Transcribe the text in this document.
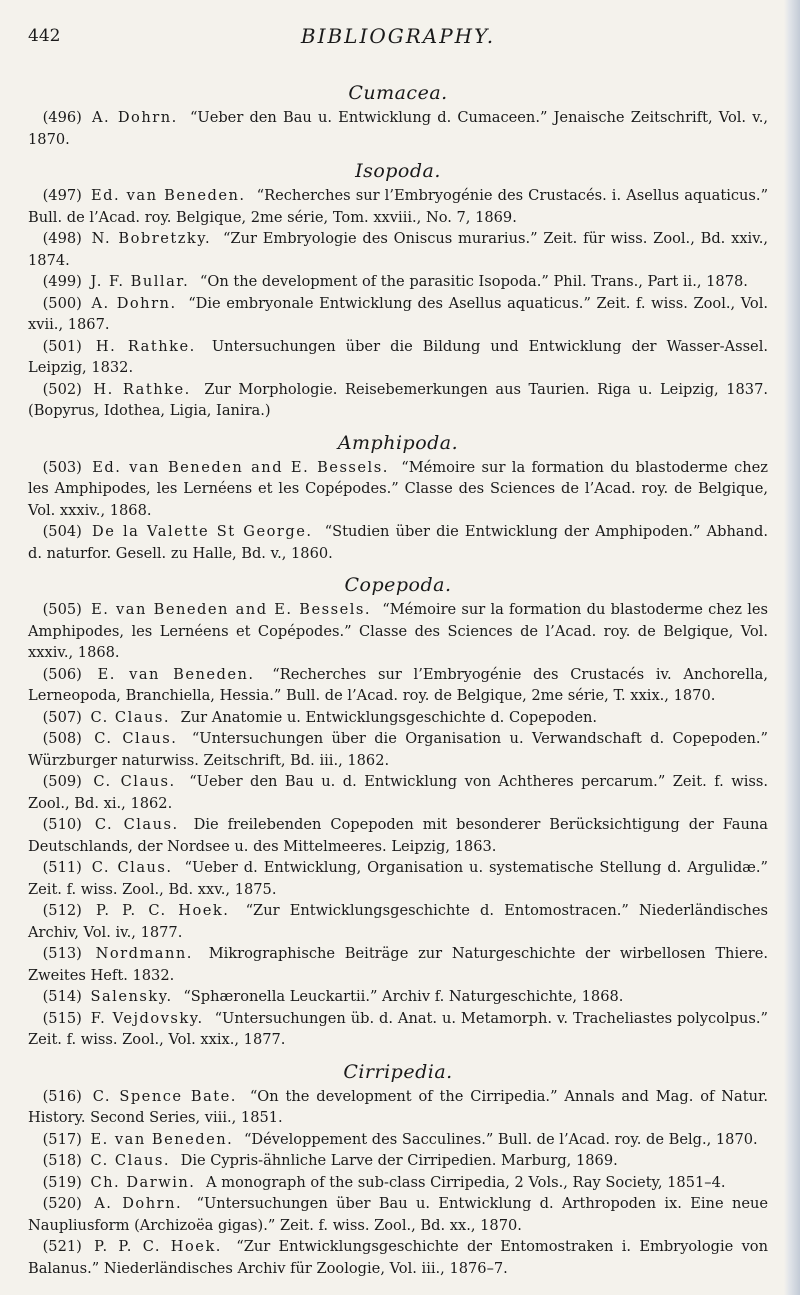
442	BIBLIOGRAPHY.
Cumacea.

(496) A. Dohrn. “Ueber den Bau u. Entwicklung d. Cumaceen.” Jenaische Zeitschrift, Vol. v., 1870.

Isopoda.

(497) Ed. van Beneden. “Recherches sur l’Embryogénie des Crustacés. i. Asellus aquaticus.” Bull. de l’Acad. roy. Belgique, 2me série, Tom. xxviii., No. 7, 1869.

(498) N. Bobretzky. “Zur Embryologie des Oniscus murarius.” Zeit. für wiss. Zool., Bd. xxiv., 1874.

(499) J. F. Bullar. “On the development of the parasitic Isopoda.” Phil. Trans., Part ii., 1878.

(500) A. Dohrn. “Die embryonale Entwicklung des Asellus aquaticus.” Zeit. f. wiss. Zool., Vol. xvii., 1867.

(501) H. Rathke. Untersuchungen über die Bildung und Entwicklung der Wasser-Assel. Leipzig, 1832.

(502) H. Rathke. Zur Morphologie. Reisebemerkungen aus Taurien. Riga u. Leipzig, 1837. (Bopyrus, Idothea, Ligia, Ianira.)

Amphipoda.

(503) Ed. van Beneden and E. Bessels. “Mémoire sur la formation du blastoderme chez les Amphipodes, les Lernéens et les Copépodes.” Classe des Sciences de l’Acad. roy. de Belgique, Vol. xxxiv., 1868.

(504) De la Valette St George. “Studien über die Entwicklung der Amphipoden.” Abhand. d. naturfor. Gesell. zu Halle, Bd. v., 1860.

Copepoda.

(505) E. van Beneden and E. Bessels. “Mémoire sur la formation du blastoderme chez les Amphipodes, les Lernéens et Copépodes.” Classe des Sciences de l’Acad. roy. de Belgique, Vol. xxxiv., 1868.

(506) E. van Beneden. “Recherches sur l’Embryogénie des Crustacés iv. Anchorella, Lerneopoda, Branchiella, Hessia.” Bull. de l’Acad. roy. de Belgique, 2me série, T. xxix., 1870.

(507) C. Claus. Zur Anatomie u. Entwicklungsgeschichte d. Copepoden.

(508) C. Claus. “Untersuchungen über die Organisation u. Verwandschaft d. Copepoden.” Würzburger naturwiss. Zeitschrift, Bd. iii., 1862.

(509) C. Claus. “Ueber den Bau u. d. Entwicklung von Achtheres percarum.” Zeit. f. wiss. Zool., Bd. xi., 1862.

(510) C. Claus. Die freilebenden Copepoden mit besonderer Berücksichtigung der Fauna Deutschlands, der Nordsee u. des Mittelmeeres. Leipzig, 1863.

(511) C. Claus. “Ueber d. Entwicklung, Organisation u. systematische Stellung d. Argulidæ.” Zeit. f. wiss. Zool., Bd. xxv., 1875.

(512) P. P. C. Hoek. “Zur Entwicklungsgeschichte d. Entomostracen.” Niederländisches Archiv, Vol. iv., 1877.

(513) Nordmann. Mikrographische Beiträge zur Naturgeschichte der wirbellosen Thiere. Zweites Heft. 1832.

(514) Salensky. “Sphæronella Leuckartii.” Archiv f. Naturgeschichte, 1868.

(515) F. Vejdovsky. “Untersuchungen üb. d. Anat. u. Metamorph. v. Tracheliastes polycolpus.” Zeit. f. wiss. Zool., Vol. xxix., 1877.

Cirripedia.

(516) C. Spence Bate. “On the development of the Cirripedia.” Annals and Mag. of Natur. History. Second Series, viii., 1851.

(517) E. van Beneden. “Développement des Sacculines.” Bull. de l’Acad. roy. de Belg., 1870.

(518) C. Claus. Die Cypris-ähnliche Larve der Cirripedien. Marburg, 1869.

(519) Ch. Darwin. A monograph of the sub-class Cirripedia, 2 Vols., Ray Society, 1851–4.

(520) A. Dohrn. “Untersuchungen über Bau u. Entwicklung d. Arthropoden ix. Eine neue Naupliusform (Archizoëa gigas).” Zeit. f. wiss. Zool., Bd. xx., 1870.

(521) P. P. C. Hoek. “Zur Entwicklungsgeschichte der Entomostraken i. Embryologie von Balanus.” Niederländisches Archiv für Zoologie, Vol. iii., 1876–7.
